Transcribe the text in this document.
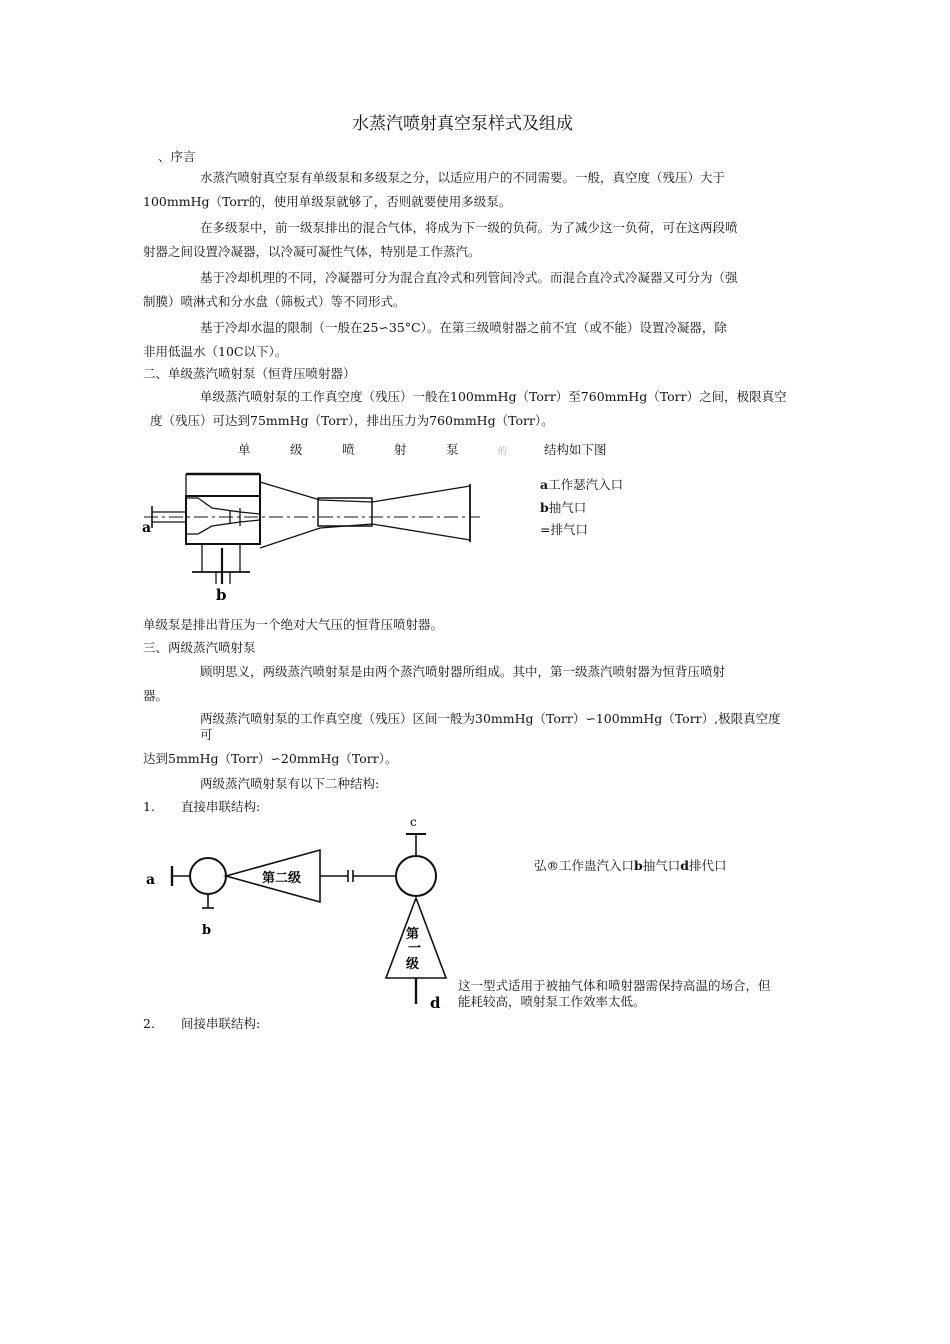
水蒸汽喷射真空泵样式及组成
、序言
水蒸汽喷射真空泵有单级泵和多级泵之分，以适应用户的不同需要。一般，真空度（残压）大于
100mmHg（Torr的，使用单级泵就够了，否则就要使用多级泵。
在多级泵中，前一级泵排出的混合气体，将成为下一级的负荷。为了减少这一负荷，可在这两段喷
射器之间设置冷凝器，以冷凝可凝性气体，特别是工作蒸汽。
基于冷却机理的不同，冷凝器可分为混合直冷式和列管间冷式。而混合直冷式冷凝器又可分为（强
制膜）喷淋式和分水盘（筛板式）等不同形式。
基于冷却水温的限制（一般在25∽35°C）。在第三级喷射器之前不宜（或不能）设置冷凝器，除
非用低温水（10C以下）。
二、单级蒸汽喷射泵（恒背压喷射器）
单级蒸汽喷射泵的工作真空度（残压）一般在100mmHg（Torr）至760mmHg（Torr）之间，极限真空
度（残压）可达到75mmHg（Torr），排出压力为760mmHg（Torr）。
单	级	喷	射	泵	的	结构如下图
a
b
a工作瑟汽入口
b抽气口
=排气口
单级泵是排出背压为一个绝对大气压的恒背压喷射器。
三、两级蒸汽喷射泵
顾明思义，两级蒸汽喷射泵是由两个蒸汽喷射器所组成。其中，第一级蒸汽喷射器为恒背压喷射
器。
两级蒸汽喷射泵的工作真空度（残压）区间一般为30mmHg（Torr）∽100mmHg（Torr）,极限真空度
可
达到5mmHg（Torr）∽20mmHg（Torr）。
两级蒸汽喷射泵有以下二种结构:
1. 直接串联结构:
a
b
c
d
第二级
第
一
级
弘®工作蛊汽入口b抽气口d排代口
这一型式适用于被抽气体和喷射器需保持高温的场合，但
能耗较高，喷射泵工作效率太低。
2. 间接串联结构:
